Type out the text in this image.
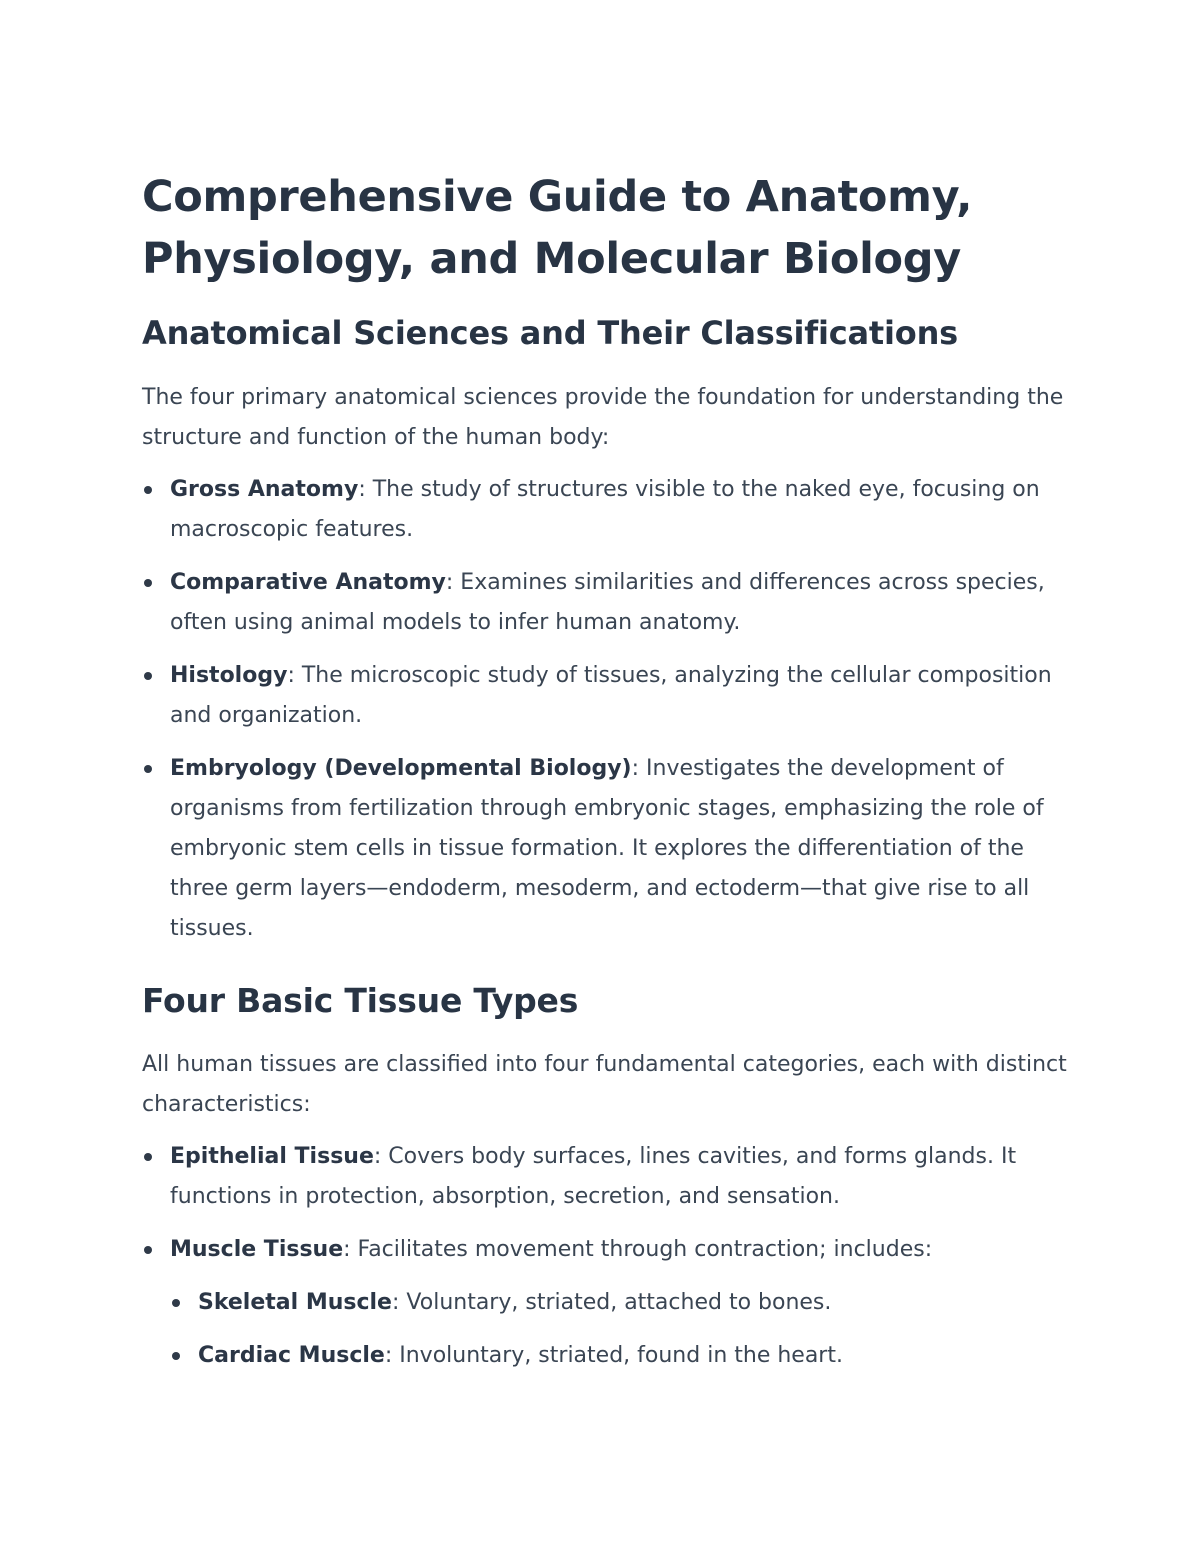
Comprehensive Guide to Anatomy, Physiology, and Molecular Biology
Anatomical Sciences and Their Classifications

The four primary anatomical sciences provide the foundation for understanding the structure and function of the human body:

Gross Anatomy: The study of structures visible to the naked eye, focusing on macroscopic features.
Comparative Anatomy: Examines similarities and differences across species, often using animal models to infer human anatomy.
Histology: The microscopic study of tissues, analyzing the cellular composition and organization.
Embryology (Developmental Biology): Investigates the development of organisms from fertilization through embryonic stages, emphasizing the role of embryonic stem cells in tissue formation. It explores the differentiation of the three germ layers—endoderm, mesoderm, and ectoderm—that give rise to all tissues.
Four Basic Tissue Types

All human tissues are classified into four fundamental categories, each with distinct characteristics:

Epithelial Tissue: Covers body surfaces, lines cavities, and forms glands. It functions in protection, absorption, secretion, and sensation.
Muscle Tissue: Facilitates movement through contraction; includes:
Skeletal Muscle: Voluntary, striated, attached to bones.
Cardiac Muscle: Involuntary, striated, found in the heart.
